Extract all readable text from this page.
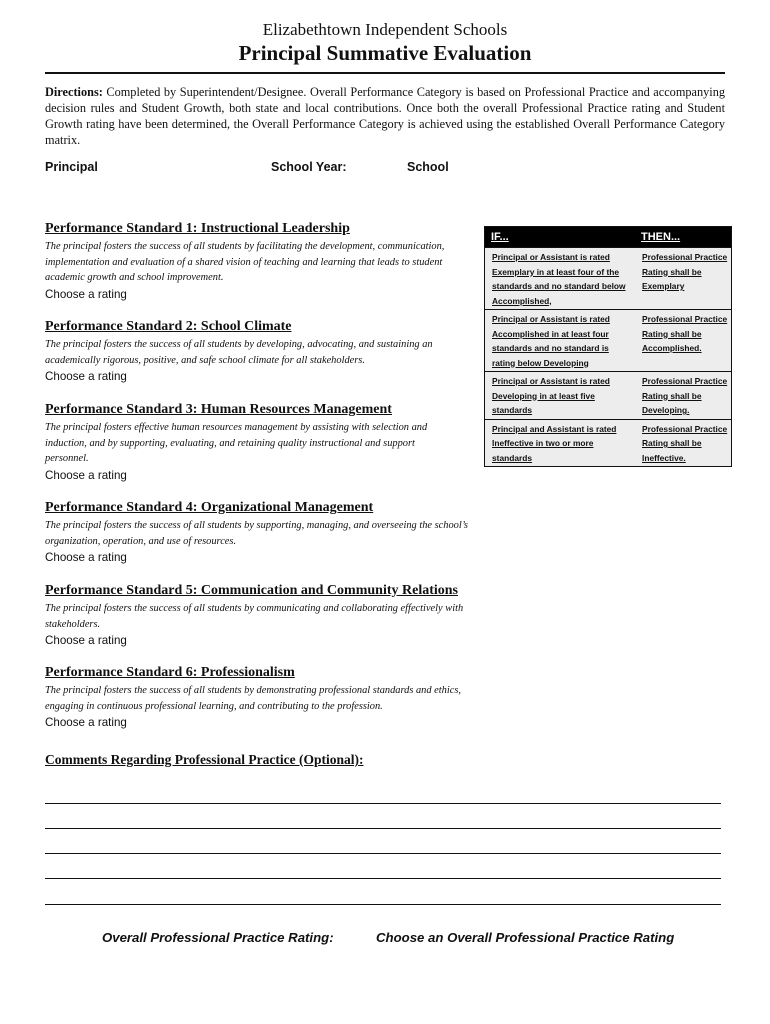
Elizabethtown Independent Schools
Principal Summative Evaluation
Directions: Completed by Superintendent/Designee. Overall Performance Category is based on Professional Practice and accompanying decision rules and Student Growth, both state and local contributions. Once both the overall Professional Practice rating and Student Growth rating have been determined, the Overall Performance Category is achieved using the established Overall Performance Category matrix.
Principal	School Year:	School
Performance Standard 1: Instructional Leadership
The principal fosters the success of all students by facilitating the development, communication, implementation and evaluation of a shared vision of teaching and learning that leads to student academic growth and school improvement.
Choose a rating
Performance Standard 2: School Climate
The principal fosters the success of all students by developing, advocating, and sustaining an academically rigorous, positive, and safe school climate for all stakeholders.
Choose a rating
Performance Standard 3: Human Resources Management
The principal fosters effective human resources management by assisting with selection and induction, and by supporting, evaluating, and retaining quality instructional and support personnel.
Choose a rating
Performance Standard 4: Organizational Management
The principal fosters the success of all students by supporting, managing, and overseeing the school’s organization, operation, and use of resources.
Choose a rating
Performance Standard 5: Communication and Community Relations
The principal fosters the success of all students by communicating and collaborating effectively with stakeholders.
Choose a rating
Performance Standard 6: Professionalism
The principal fosters the success of all students by demonstrating professional standards and ethics, engaging in continuous professional learning, and contributing to the profession.
Choose a rating
IF...	THEN...
Principal or Assistant is rated Exemplary in at least four of the standards and no standard below Accomplished,	Professional Practice Rating shall be Exemplary
Principal or Assistant is rated Accomplished in at least four standards and no standard is rating below Developing	Professional Practice Rating shall be Accomplished.
Principal or Assistant is rated Developing in at least five standards	Professional Practice Rating shall be Developing.
Principal and Assistant is rated Ineffective in two or more standards	Professional Practice Rating shall be Ineffective.
Comments Regarding Professional Practice (Optional):
Overall Professional Practice Rating:	Choose an Overall Professional Practice Rating
